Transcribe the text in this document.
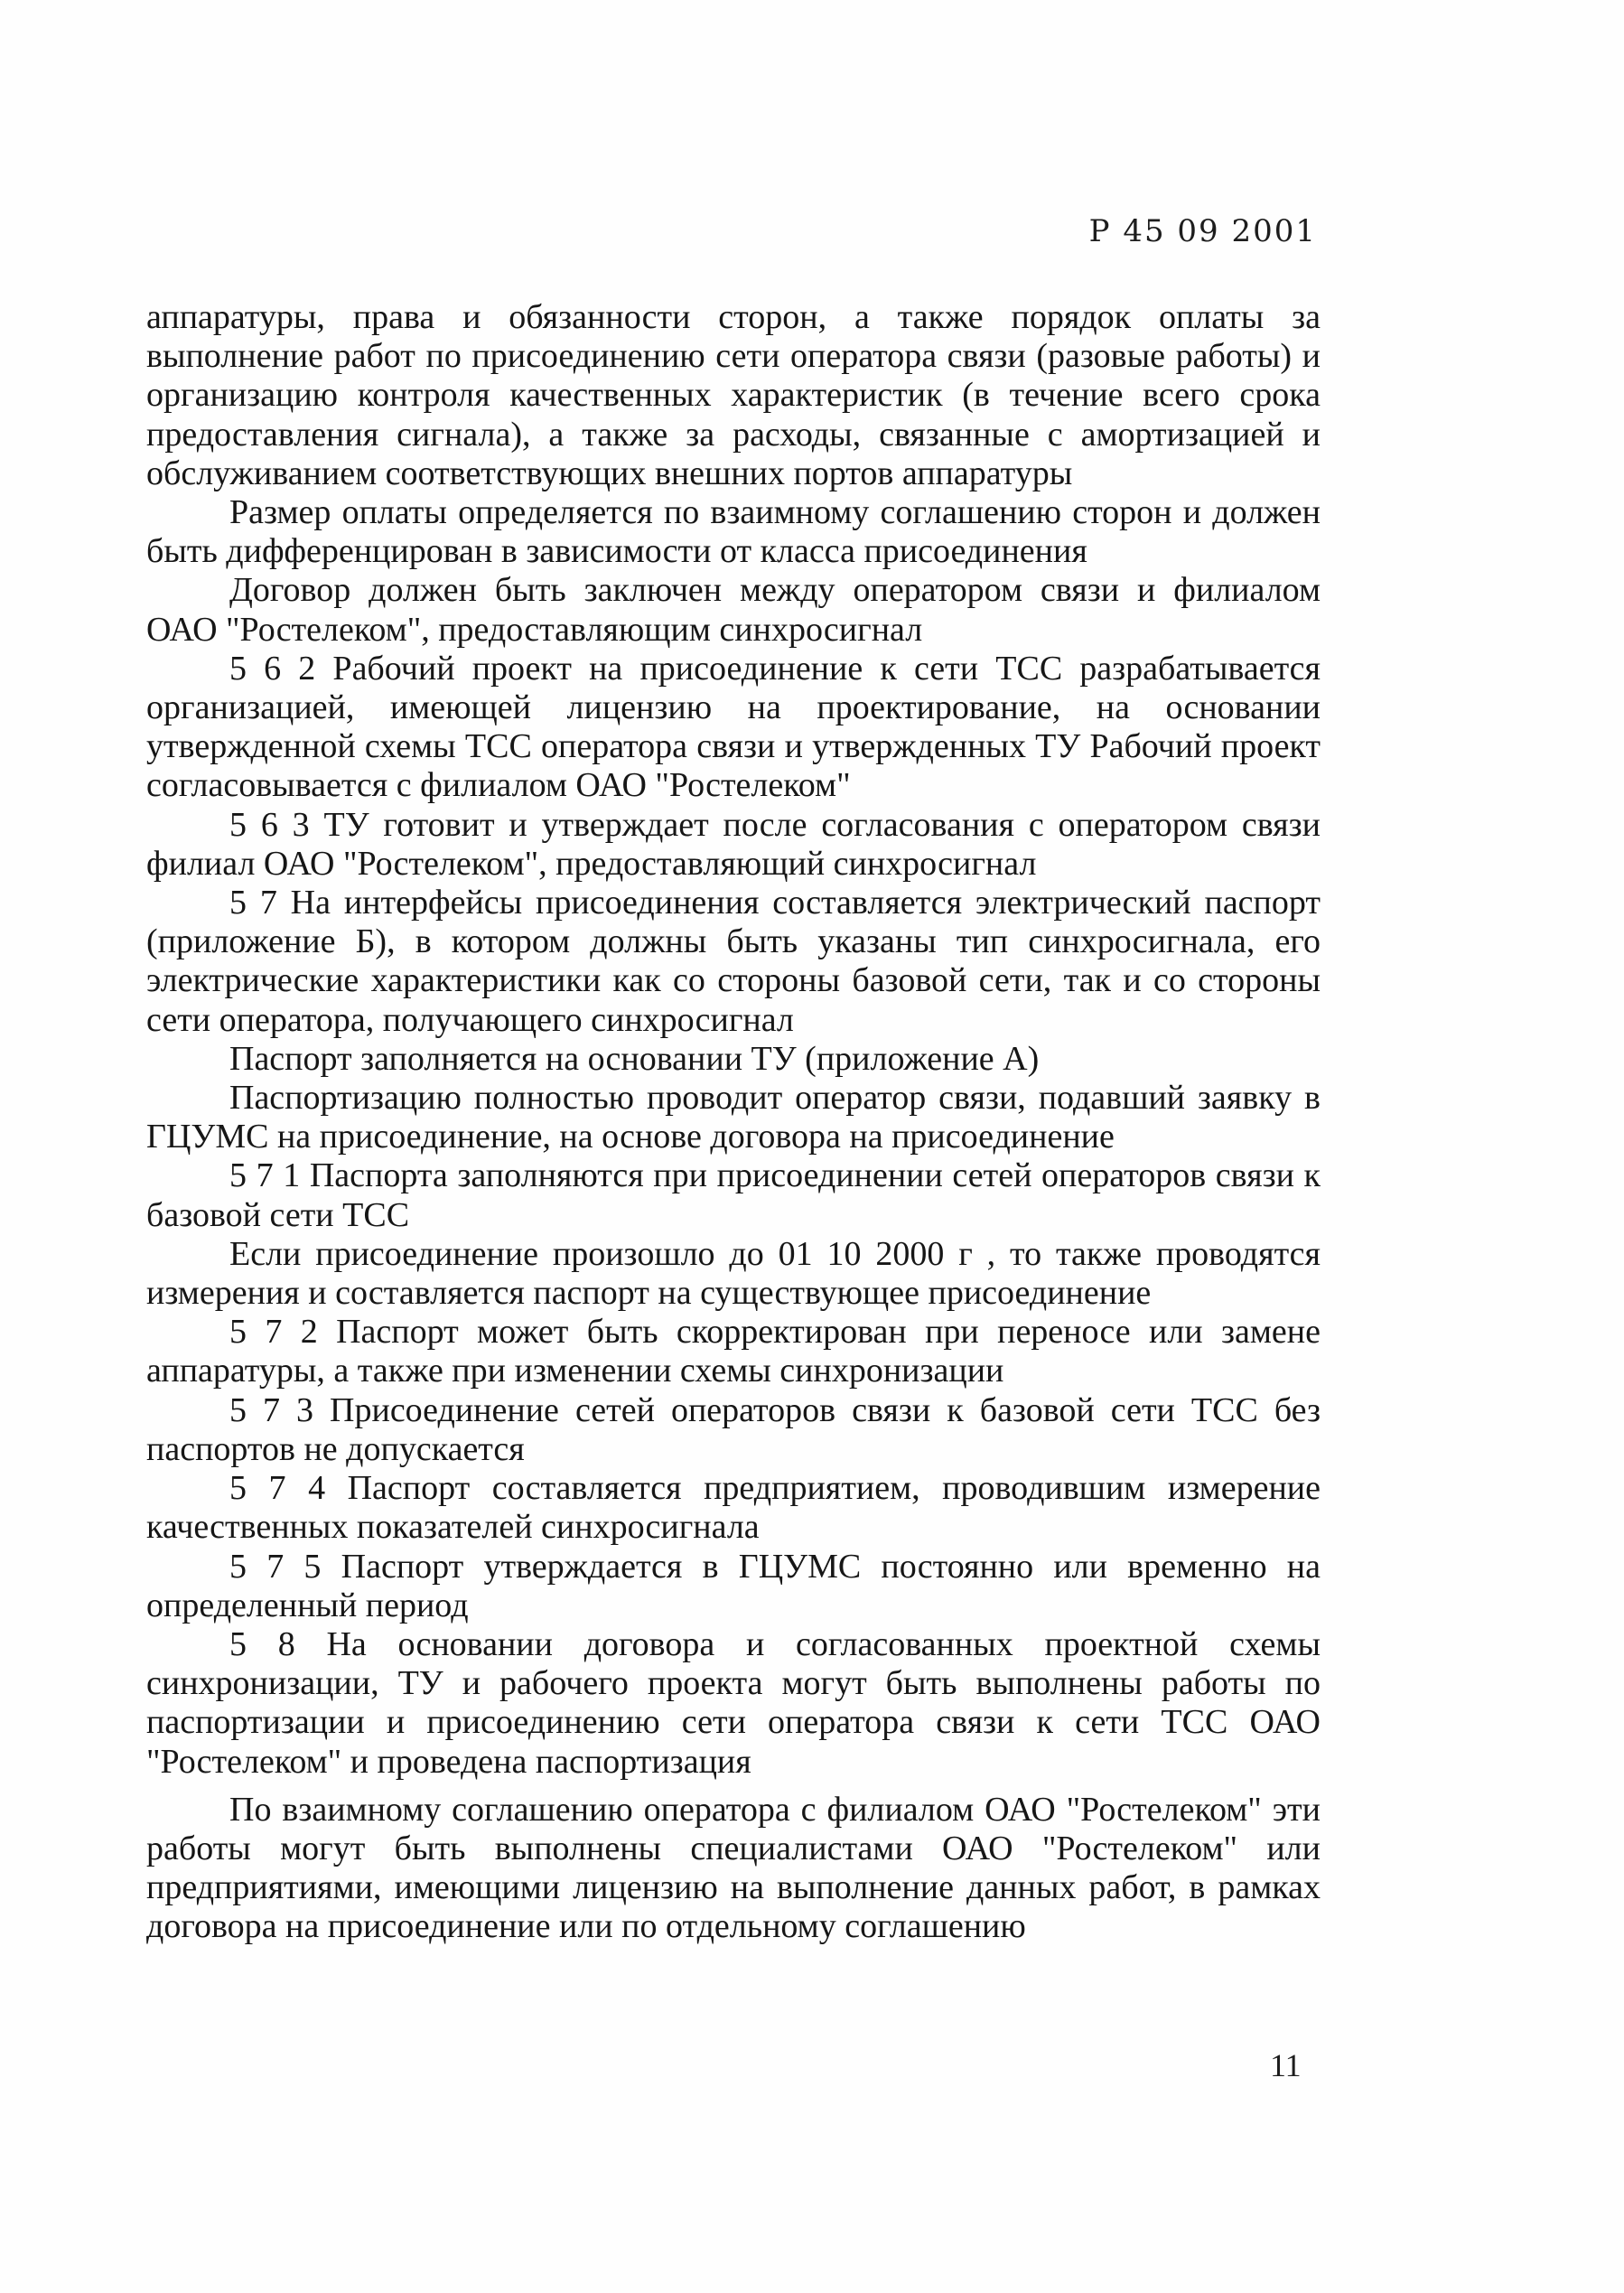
Р 45 09 2001

аппаратуры, права и обязанности сторон, а также порядок оплаты за выполнение работ по присоединению сети оператора связи (разовые работы) и организацию контроля качественных характеристик (в течение всего срока предоставления сигнала), а также за расходы, связанные с амортизацией и обслуживанием соответствующих внешних портов аппаратуры

Размер оплаты определяется по взаимному соглашению сторон и должен быть дифференцирован в зависимости от класса присоединения

Договор должен быть заключен между оператором связи и филиалом ОАО "Ростелеком", предоставляющим синхросигнал

5 6 2 Рабочий проект на присоединение к сети ТСС разрабатывается организацией, имеющей лицензию на проектирование, на основании утвержденной схемы ТСС оператора связи и утвержденных ТУ Рабочий проект согласовывается с филиалом ОАО "Ростелеком"

5 6 3 ТУ готовит и утверждает после согласования с оператором связи филиал ОАО "Ростелеком", предоставляющий синхросигнал

5 7 На интерфейсы присоединения составляется электрический паспорт (приложение Б), в котором должны быть указаны тип синхросигнала, его электрические характеристики как со стороны базовой сети, так и со стороны сети оператора, получающего синхросигнал

Паспорт заполняется на основании ТУ (приложение А)

Паспортизацию полностью проводит оператор связи, подавший заявку в ГЦУМС на присоединение, на основе договора на присоединение

5 7 1 Паспорта заполняются при присоединении сетей операторов связи к базовой сети ТСС

Если присоединение произошло до 01 10 2000 г , то также проводятся измерения и составляется паспорт на существующее присоединение

5 7 2 Паспорт может быть скорректирован при переносе или замене аппаратуры, а также при изменении схемы синхронизации

5 7 3 Присоединение сетей операторов связи к базовой сети ТСС без паспортов не допускается

5 7 4 Паспорт составляется предприятием, проводившим измерение качественных показателей синхросигнала

5 7 5 Паспорт утверждается в ГЦУМС постоянно или временно на определенный период

5 8 На основании договора и согласованных проектной схемы синхронизации, ТУ и рабочего проекта могут быть выполнены работы по паспортизации и присоединению сети оператора связи к сети ТСС ОАО "Ростелеком" и проведена паспортизация

По взаимному соглашению оператора с филиалом ОАО "Ростелеком" эти работы могут быть выполнены специалистами ОАО "Ростелеком" или предприятиями, имеющими лицензию на выполнение данных работ, в рамках договора на присоединение или по отдельному соглашению

11
